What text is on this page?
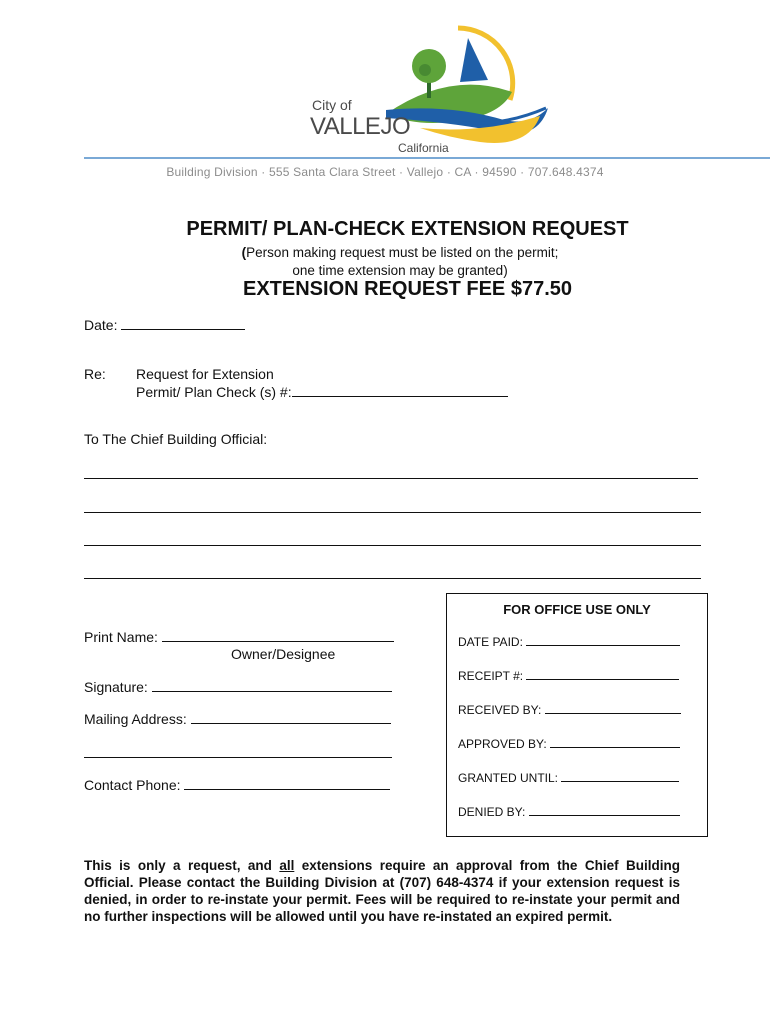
City of
VALLEJO
California
Building Division · 555 Santa Clara Street · Vallejo · CA · 94590 · 707.648.4374
PERMIT/ PLAN-CHECK EXTENSION REQUEST
(Person making request must be listed on the permit;
one time extension may be granted)
EXTENSION REQUEST FEE $77.50
Date:
Re: Request for Extension
Permit/ Plan Check (s) #:
To The Chief Building Official:
Print Name:
Owner/Designee
Signature:
Mailing Address:
Contact Phone:
FOR OFFICE USE ONLY
DATE PAID:
RECEIPT #:
RECEIVED BY:
APPROVED BY:
GRANTED UNTIL:
DENIED BY:
This is only a request, and all extensions require an approval from the Chief Building Official. Please contact the Building Division at (707) 648-4374 if your extension request is denied, in order to re-instate your permit. Fees will be required to re-instate your permit and no further inspections will be allowed until you have re-instated an expired permit.
